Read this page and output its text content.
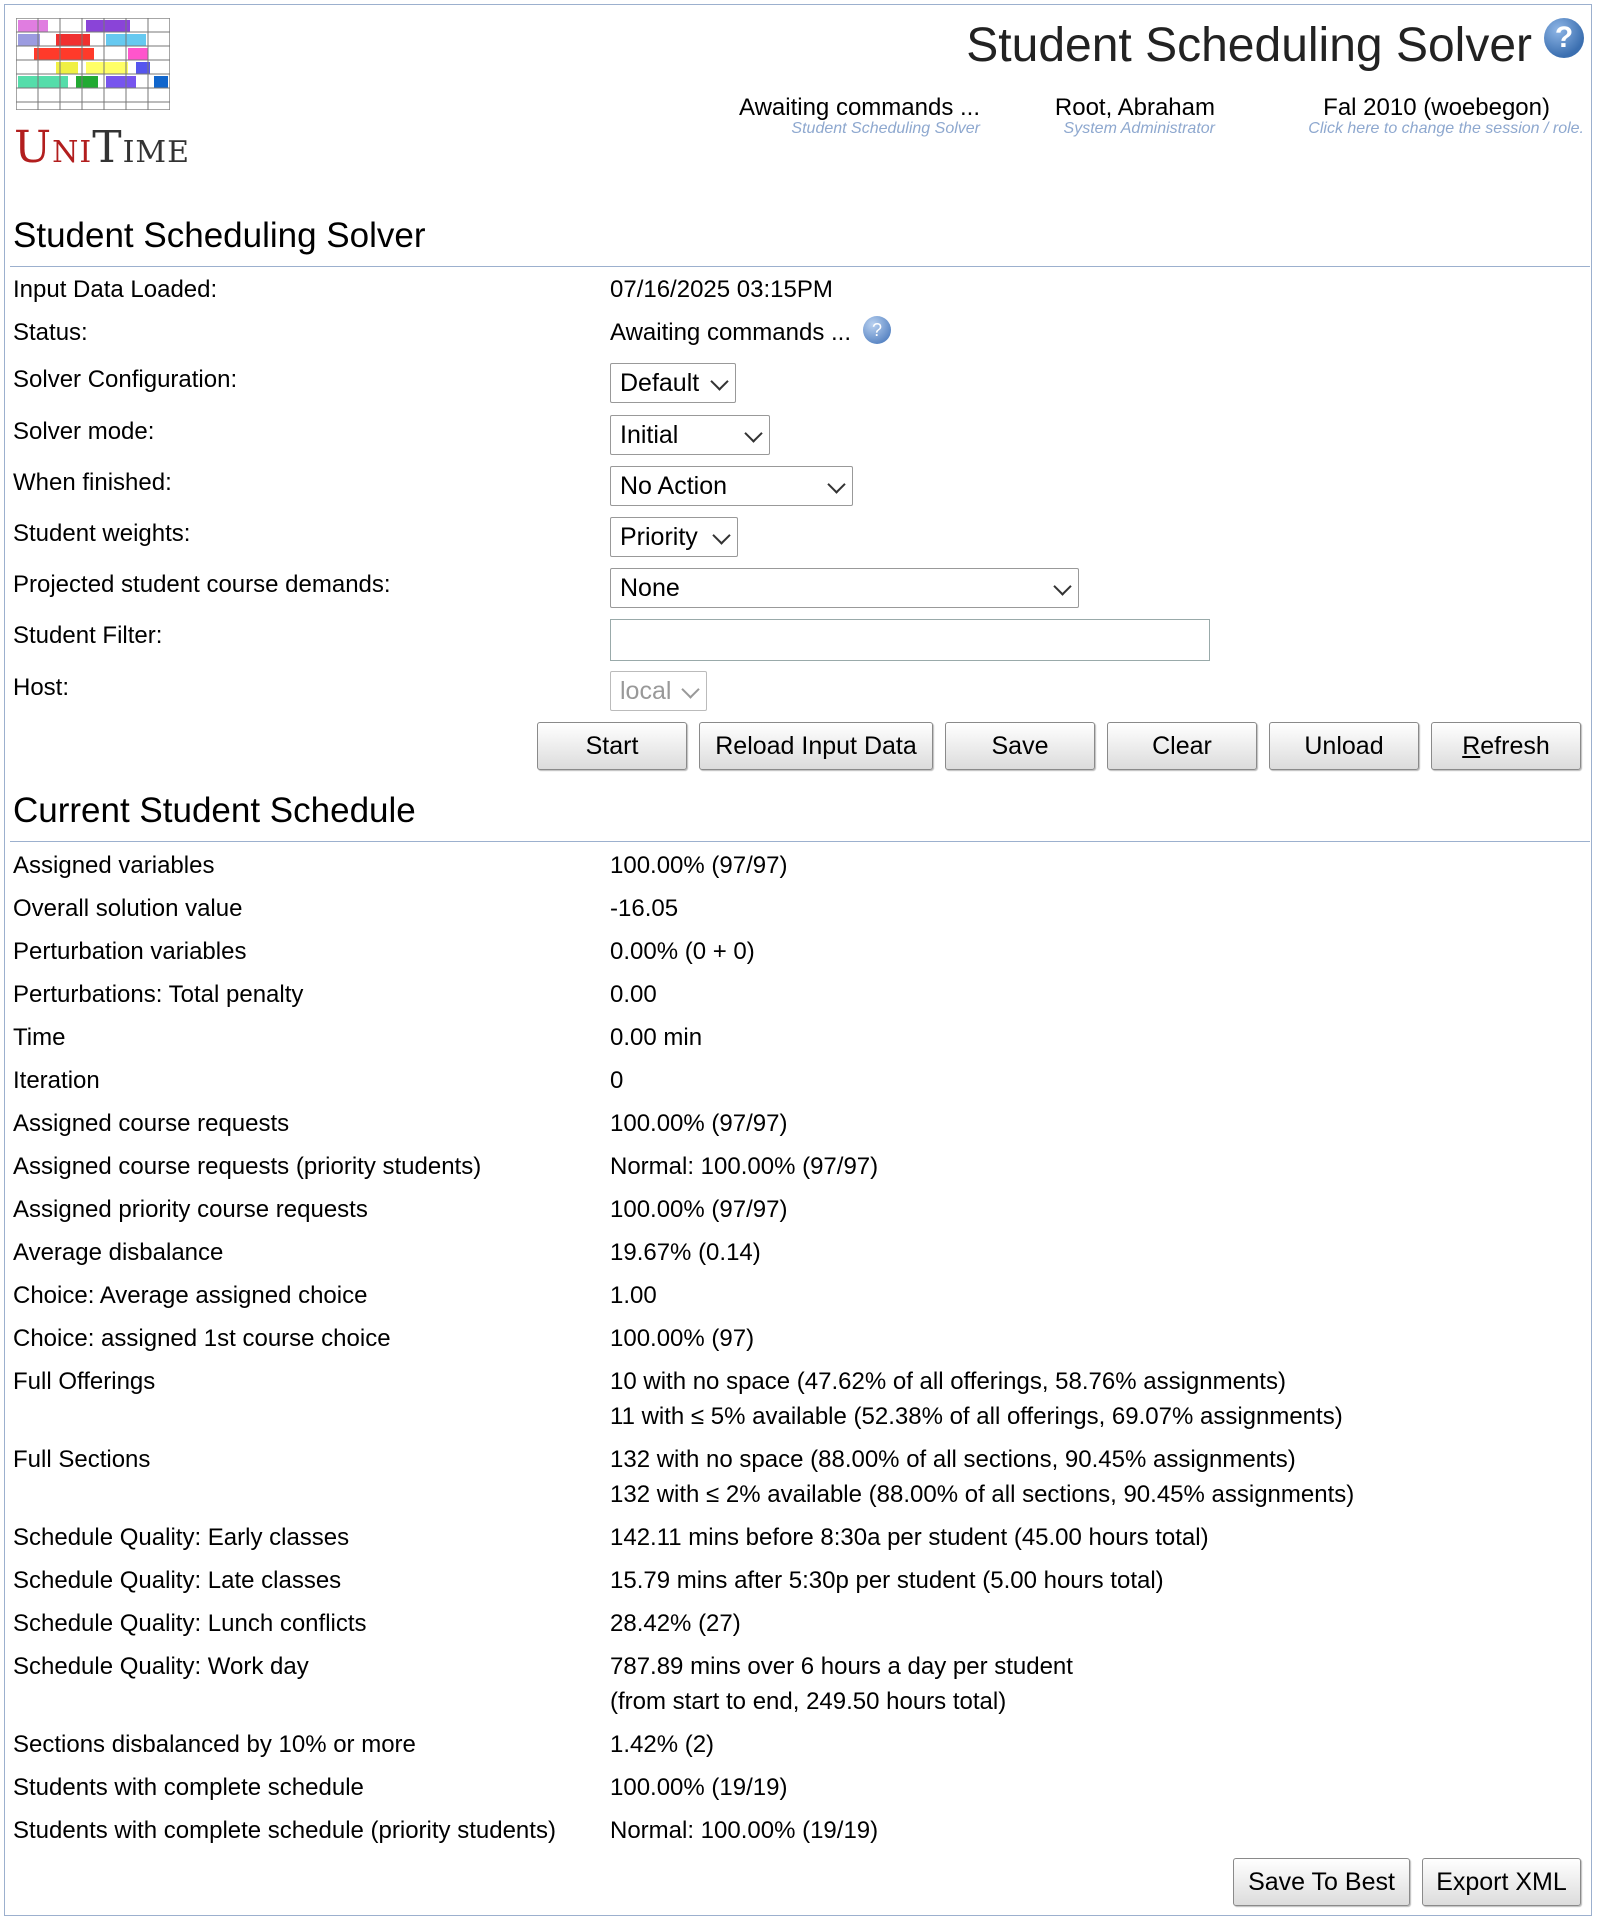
UNITIME
Student Scheduling Solver ?
Awaiting commands ...
Student Scheduling Solver
Root, Abraham
System Administrator
Fal 2010 (woebegon)
Click here to change the session / role.
Student Scheduling Solver
Input Data Loaded:	07/16/2025 03:15PM
Status:	Awaiting commands ... ?
Solver Configuration:	Default
Solver mode:	Initial
When finished:	No Action
Student weights:	Priority
Projected student course demands:	None
Student Filter:
Host:	local
Start	Reload Input Data	Save	Clear	Unload	Refresh
Current Student Schedule
Assigned variables	100.00% (97/97)
Overall solution value	-16.05
Perturbation variables	0.00% (0 + 0)
Perturbations: Total penalty	0.00
Time	0.00 min
Iteration	0
Assigned course requests	100.00% (97/97)
Assigned course requests (priority students)	Normal: 100.00% (97/97)
Assigned priority course requests	100.00% (97/97)
Average disbalance	19.67% (0.14)
Choice: Average assigned choice	1.00
Choice: assigned 1st course choice	100.00% (97)
Full Offerings	10 with no space (47.62% of all offerings, 58.76% assignments)
11 with ≤ 5% available (52.38% of all offerings, 69.07% assignments)
Full Sections	132 with no space (88.00% of all sections, 90.45% assignments)
132 with ≤ 2% available (88.00% of all sections, 90.45% assignments)
Schedule Quality: Early classes	142.11 mins before 8:30a per student (45.00 hours total)
Schedule Quality: Late classes	15.79 mins after 5:30p per student (5.00 hours total)
Schedule Quality: Lunch conflicts	28.42% (27)
Schedule Quality: Work day	787.89 mins over 6 hours a day per student
(from start to end, 249.50 hours total)
Sections disbalanced by 10% or more	1.42% (2)
Students with complete schedule	100.00% (19/19)
Students with complete schedule (priority students) Normal: 100.00% (19/19)
Save To Best	Export XML
